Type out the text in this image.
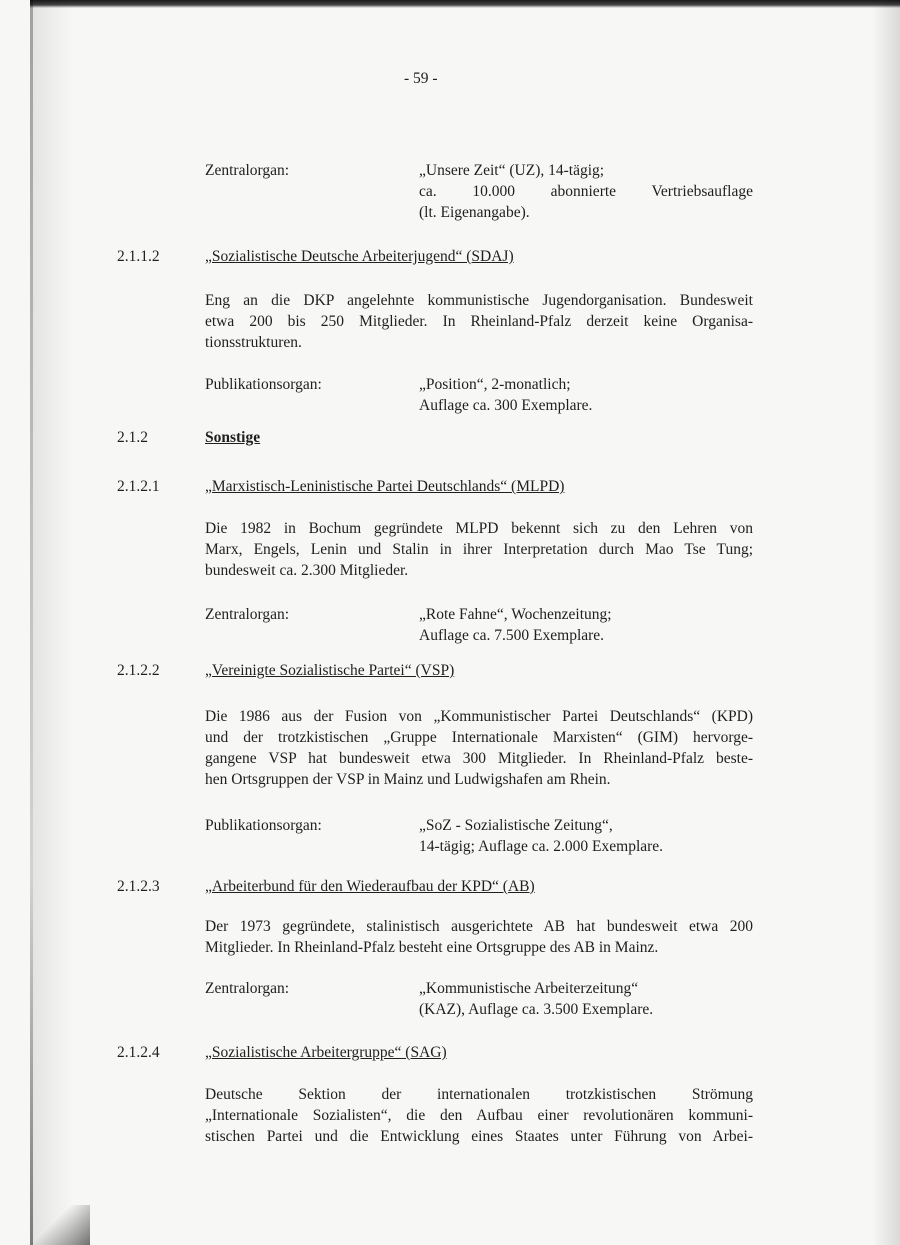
- 59 -
Zentralorgan:	„Unsere Zeit“ (UZ), 14-tägig;
ca. 10.000 abonnierte Vertriebsauflage
(lt. Eigenangabe).
2.1.1.2	„Sozialistische Deutsche Arbeiterjugend“ (SDAJ)
Eng an die DKP angelehnte kommunistische Jugendorganisation. Bundesweit
etwa 200 bis 250 Mitglieder. In Rheinland-Pfalz derzeit keine Organisa-
tionsstrukturen.
Publikationsorgan:	„Position“, 2-monatlich;
Auflage ca. 300 Exemplare.
2.1.2	Sonstige
2.1.2.1	„Marxistisch-Leninistische Partei Deutschlands“ (MLPD)
Die 1982 in Bochum gegründete MLPD bekennt sich zu den Lehren von
Marx, Engels, Lenin und Stalin in ihrer Interpretation durch Mao Tse Tung;
bundesweit ca. 2.300 Mitglieder.
Zentralorgan:	„Rote Fahne“, Wochenzeitung;
Auflage ca. 7.500 Exemplare.
2.1.2.2	„Vereinigte Sozialistische Partei“ (VSP)
Die 1986 aus der Fusion von „Kommunistischer Partei Deutschlands“ (KPD)
und der trotzkistischen „Gruppe Internationale Marxisten“ (GIM) hervorge-
gangene VSP hat bundesweit etwa 300 Mitglieder. In Rheinland-Pfalz beste-
hen Ortsgruppen der VSP in Mainz und Ludwigshafen am Rhein.
Publikationsorgan:	„SoZ - Sozialistische Zeitung“,
14-tägig; Auflage ca. 2.000 Exemplare.
2.1.2.3	„Arbeiterbund für den Wiederaufbau der KPD“ (AB)
Der 1973 gegründete, stalinistisch ausgerichtete AB hat bundesweit etwa 200
Mitglieder. In Rheinland-Pfalz besteht eine Ortsgruppe des AB in Mainz.
Zentralorgan:	„Kommunistische Arbeiterzeitung“
(KAZ), Auflage ca. 3.500 Exemplare.
2.1.2.4	„Sozialistische Arbeitergruppe“ (SAG)
Deutsche Sektion der internationalen trotzkistischen Strömung
„Internationale Sozialisten“, die den Aufbau einer revolutionären kommuni-
stischen Partei und die Entwicklung eines Staates unter Führung von Arbei-
